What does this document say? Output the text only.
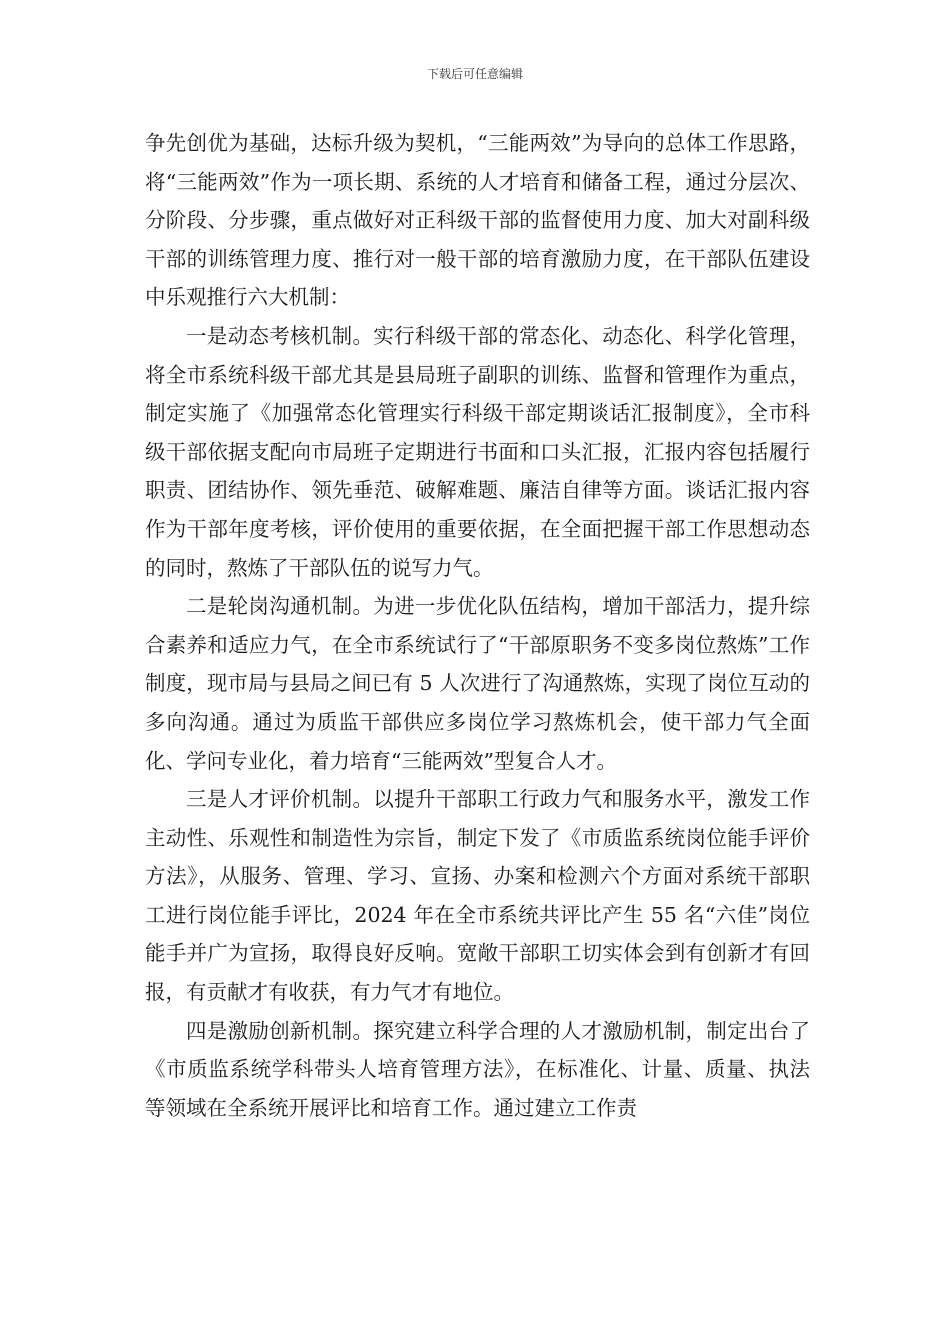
下载后可任意编辑

争先创优为基础，达标升级为契机，“三能两效”为导向的总体工作思路，将“三能两效”作为一项长期、系统的人才培育和储备工程，通过分层次、分阶段、分步骤，重点做好对正科级干部的监督使用力度、加大对副科级干部的训练管理力度、推行对一般干部的培育激励力度，在干部队伍建设中乐观推行六大机制：

一是动态考核机制。实行科级干部的常态化、动态化、科学化管理，将全市系统科级干部尤其是县局班子副职的训练、监督和管理作为重点，制定实施了《加强常态化管理实行科级干部定期谈话汇报制度》，全市科级干部依据支配向市局班子定期进行书面和口头汇报，汇报内容包括履行职责、团结协作、领先垂范、破解难题、廉洁自律等方面。谈话汇报内容作为干部年度考核，评价使用的重要依据，在全面把握干部工作思想动态的同时，熬炼了干部队伍的说写力气。

二是轮岗沟通机制。为进一步优化队伍结构，增加干部活力，提升综合素养和适应力气，在全市系统试行了“干部原职务不变多岗位熬炼”工作制度，现市局与县局之间已有 5 人次进行了沟通熬炼，实现了岗位互动的多向沟通。通过为质监干部供应多岗位学习熬炼机会，使干部力气全面化、学问专业化，着力培育“三能两效”型复合人才。

三是人才评价机制。以提升干部职工行政力气和服务水平，激发工作主动性、乐观性和制造性为宗旨，制定下发了《市质监系统岗位能手评价方法》，从服务、管理、学习、宣扬、办案和检测六个方面对系统干部职工进行岗位能手评比，2024 年在全市系统共评比产生 55 名“六佳”岗位能手并广为宣扬，取得良好反响。宽敞干部职工切实体会到有创新才有回报，有贡献才有收获，有力气才有地位。

四是激励创新机制。探究建立科学合理的人才激励机制，制定出台了《市质监系统学科带头人培育管理方法》，在标准化、计量、质量、执法等领域在全系统开展评比和培育工作。通过建立工作责
